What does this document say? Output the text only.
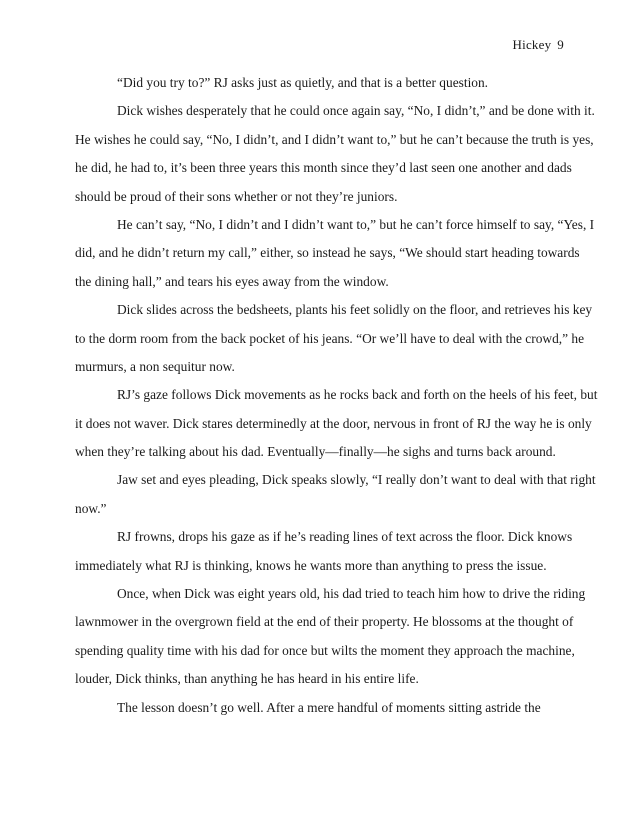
Hickey 9
“Did you try to?” RJ asks just as quietly, and that is a better question.
Dick wishes desperately that he could once again say, “No, I didn’t,” and be done with it.
He wishes he could say, “No, I didn’t, and I didn’t want to,” but he can’t because the truth is yes,
he did, he had to, it’s been three years this month since they’d last seen one another and dads
should be proud of their sons whether or not they’re juniors.
He can’t say, “No, I didn’t and I didn’t want to,” but he can’t force himself to say, “Yes, I
did, and he didn’t return my call,” either, so instead he says, “We should start heading towards
the dining hall,” and tears his eyes away from the window.
Dick slides across the bedsheets, plants his feet solidly on the floor, and retrieves his key
to the dorm room from the back pocket of his jeans. “Or we’ll have to deal with the crowd,” he
murmurs, a non sequitur now.
RJ’s gaze follows Dick movements as he rocks back and forth on the heels of his feet, but
it does not waver. Dick stares determinedly at the door, nervous in front of RJ the way he is only
when they’re talking about his dad. Eventually—finally—he sighs and turns back around.
Jaw set and eyes pleading, Dick speaks slowly, “I really don’t want to deal with that right
now.”
RJ frowns, drops his gaze as if he’s reading lines of text across the floor. Dick knows
immediately what RJ is thinking, knows he wants more than anything to press the issue.
Once, when Dick was eight years old, his dad tried to teach him how to drive the riding
lawnmower in the overgrown field at the end of their property. He blossoms at the thought of
spending quality time with his dad for once but wilts the moment they approach the machine,
louder, Dick thinks, than anything he has heard in his entire life.
The lesson doesn’t go well. After a mere handful of moments sitting astride the
